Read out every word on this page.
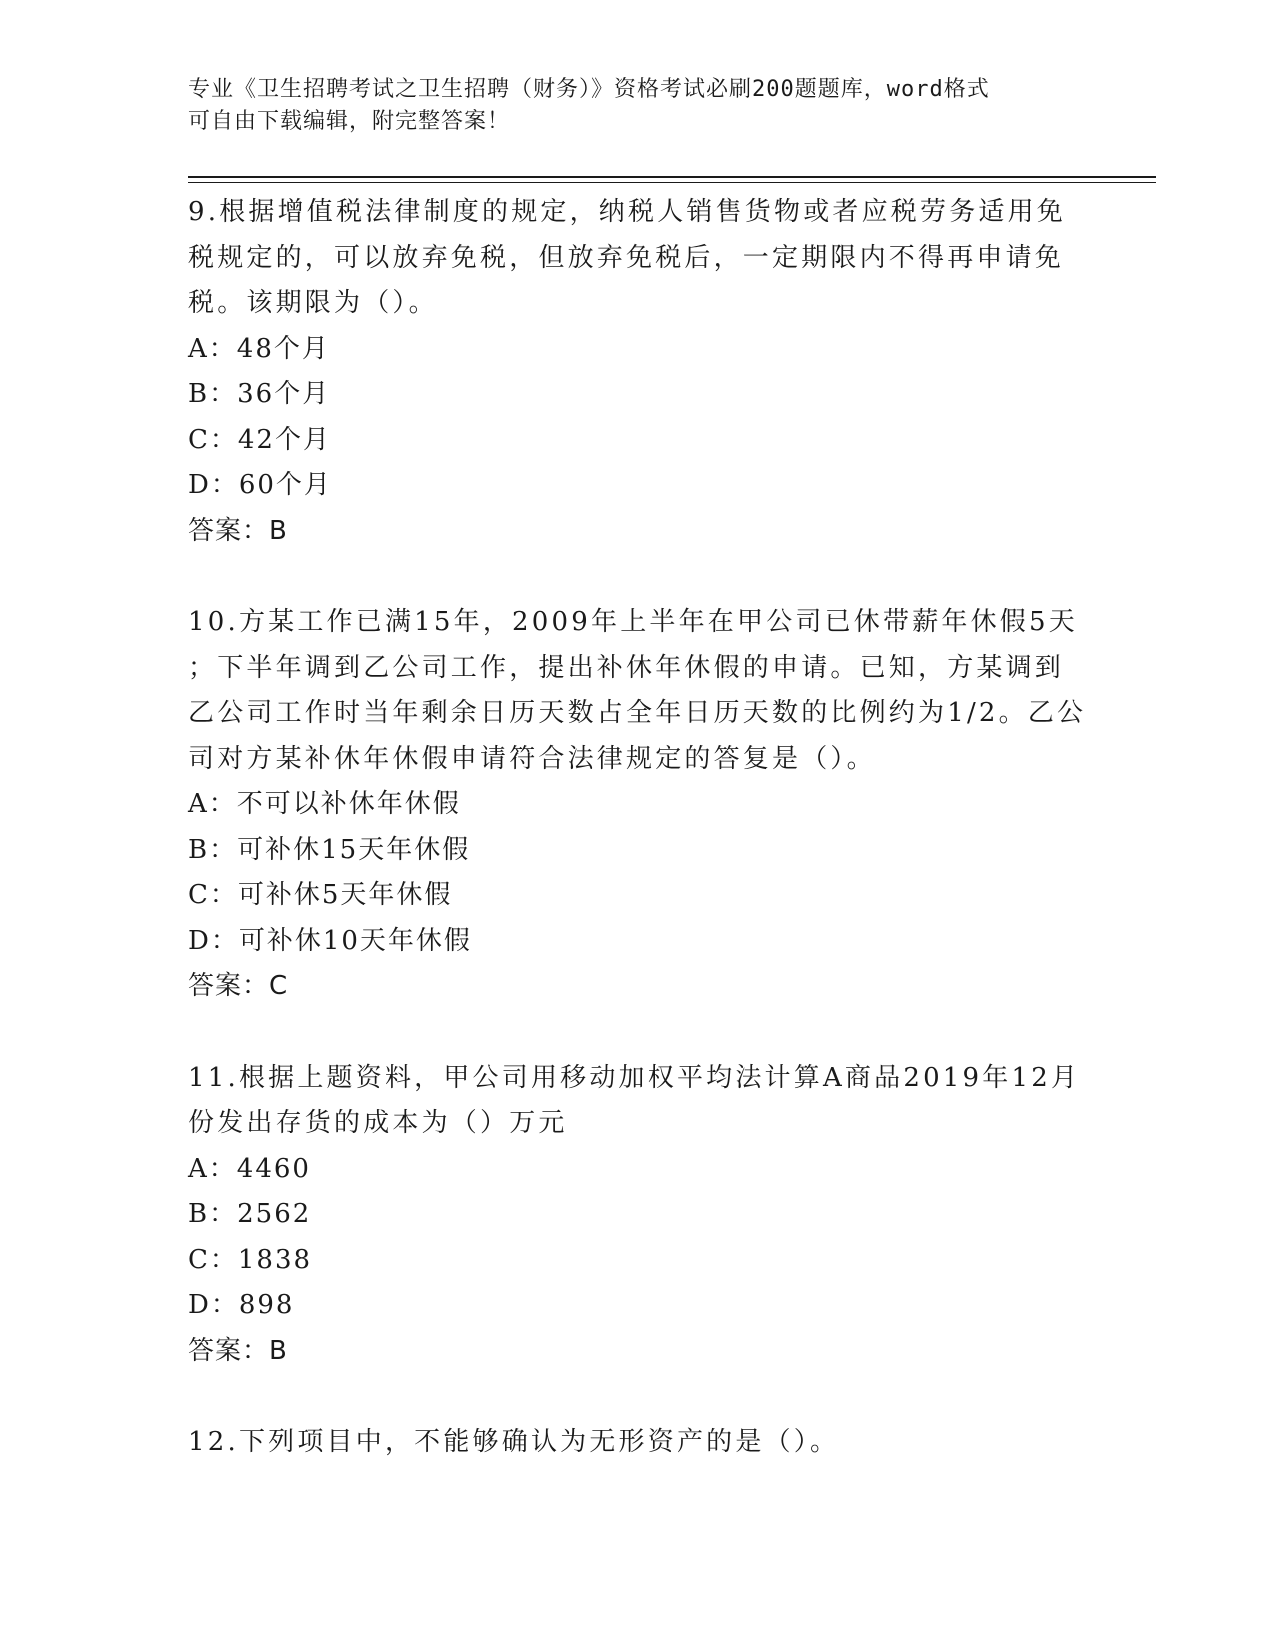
专业《卫生招聘考试之卫生招聘（财务）》资格考试必刷200题题库，word格式
可自由下载编辑，附完整答案！
9.根据增值税法律制度的规定，纳税人销售货物或者应税劳务适用免
税规定的，可以放弃免税，但放弃免税后，一定期限内不得再申请免
税。该期限为（）。
A：48个月
B：36个月
C：42个月
D：60个月
答案：B
10.方某工作已满15年，2009年上半年在甲公司已休带薪年休假5天
；下半年调到乙公司工作，提出补休年休假的申请。已知，方某调到
乙公司工作时当年剩余日历天数占全年日历天数的比例约为1/2。乙公
司对方某补休年休假申请符合法律规定的答复是（）。
A：不可以补休年休假
B：可补休15天年休假
C：可补休5天年休假
D：可补休10天年休假
答案：C
11.根据上题资料，甲公司用移动加权平均法计算A商品2019年12月
份发出存货的成本为（）万元
A：4460
B：2562
C：1838
D：898
答案：B
12.下列项目中，不能够确认为无形资产的是（）。
